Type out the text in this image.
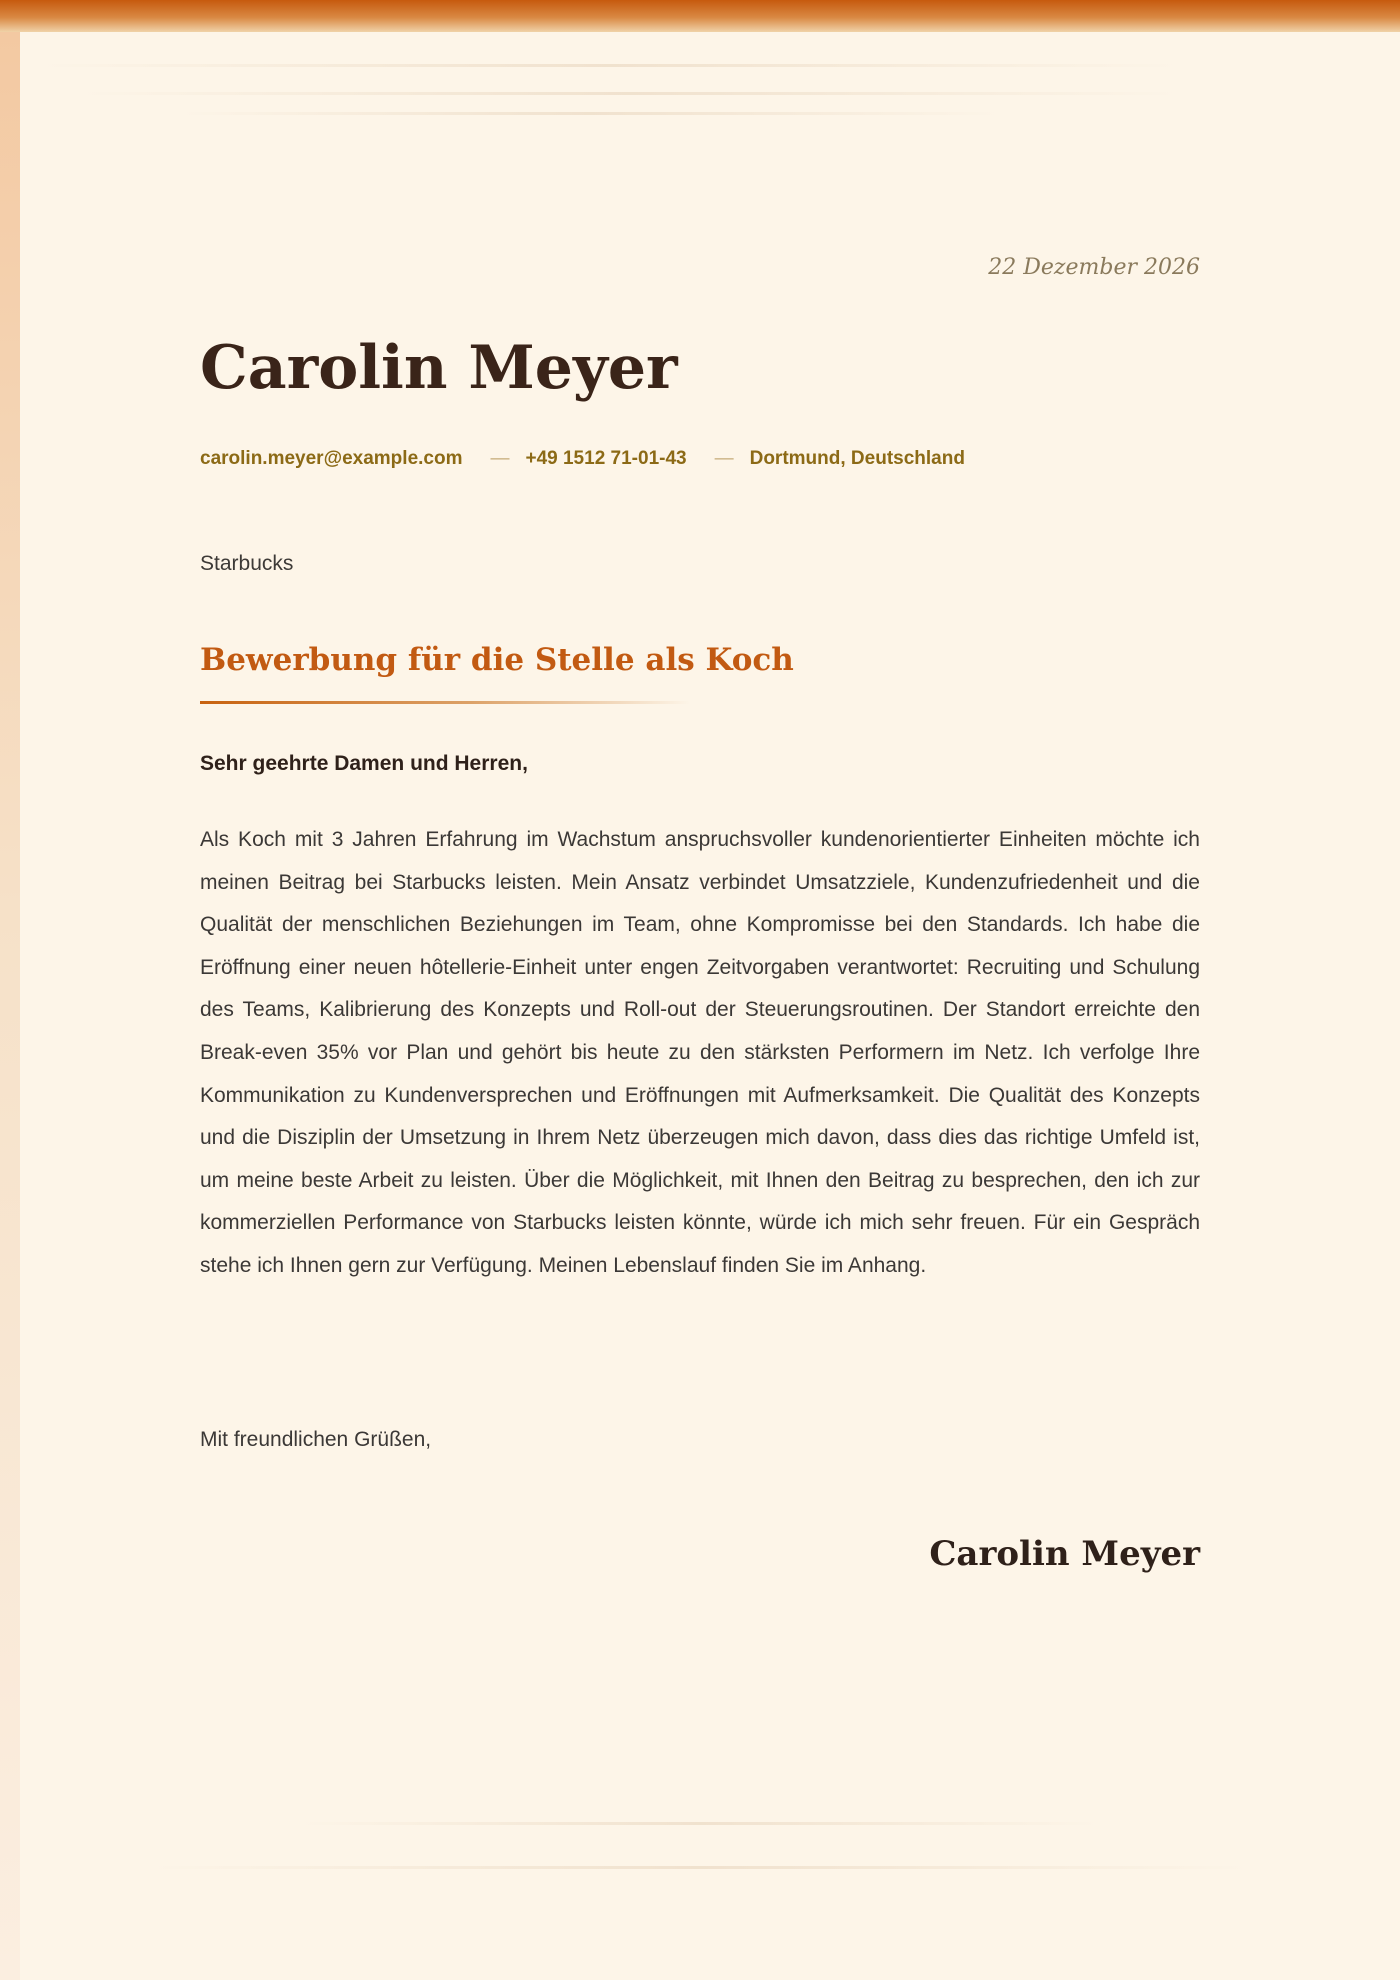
22 Dezember 2026
Carolin Meyer
carolin.meyer@example.com — +49 1512 71-01-43 — Dortmund, Deutschland
Starbucks
Bewerbung für die Stelle als Koch
Sehr geehrte Damen und Herren,

Als Koch mit 3 Jahren Erfahrung im Wachstum anspruchsvoller kundenorientierter Einheiten möchte ich meinen Beitrag bei Starbucks leisten. Mein Ansatz verbindet Umsatzziele, Kundenzufriedenheit und die Qualität der menschlichen Beziehungen im Team, ohne Kompromisse bei den Standards. Ich habe die Eröffnung einer neuen hôtellerie-Einheit unter engen Zeitvorgaben verantwortet: Recruiting und Schulung des Teams, Kalibrierung des Konzepts und Roll-out der Steuerungsroutinen. Der Standort erreichte den Break-even 35% vor Plan und gehört bis heute zu den stärksten Performern im Netz. Ich verfolge Ihre Kommunikation zu Kundenversprechen und Eröffnungen mit Aufmerksamkeit. Die Qualität des Konzepts und die Disziplin der Umsetzung in Ihrem Netz überzeugen mich davon, dass dies das richtige Umfeld ist, um meine beste Arbeit zu leisten. Über die Möglichkeit, mit Ihnen den Beitrag zu besprechen, den ich zur kommerziellen Performance von Starbucks leisten könnte, würde ich mich sehr freuen. Für ein Gespräch stehe ich Ihnen gern zur Verfügung. Meinen Lebenslauf finden Sie im Anhang.

Mit freundlichen Grüßen,
Carolin Meyer
